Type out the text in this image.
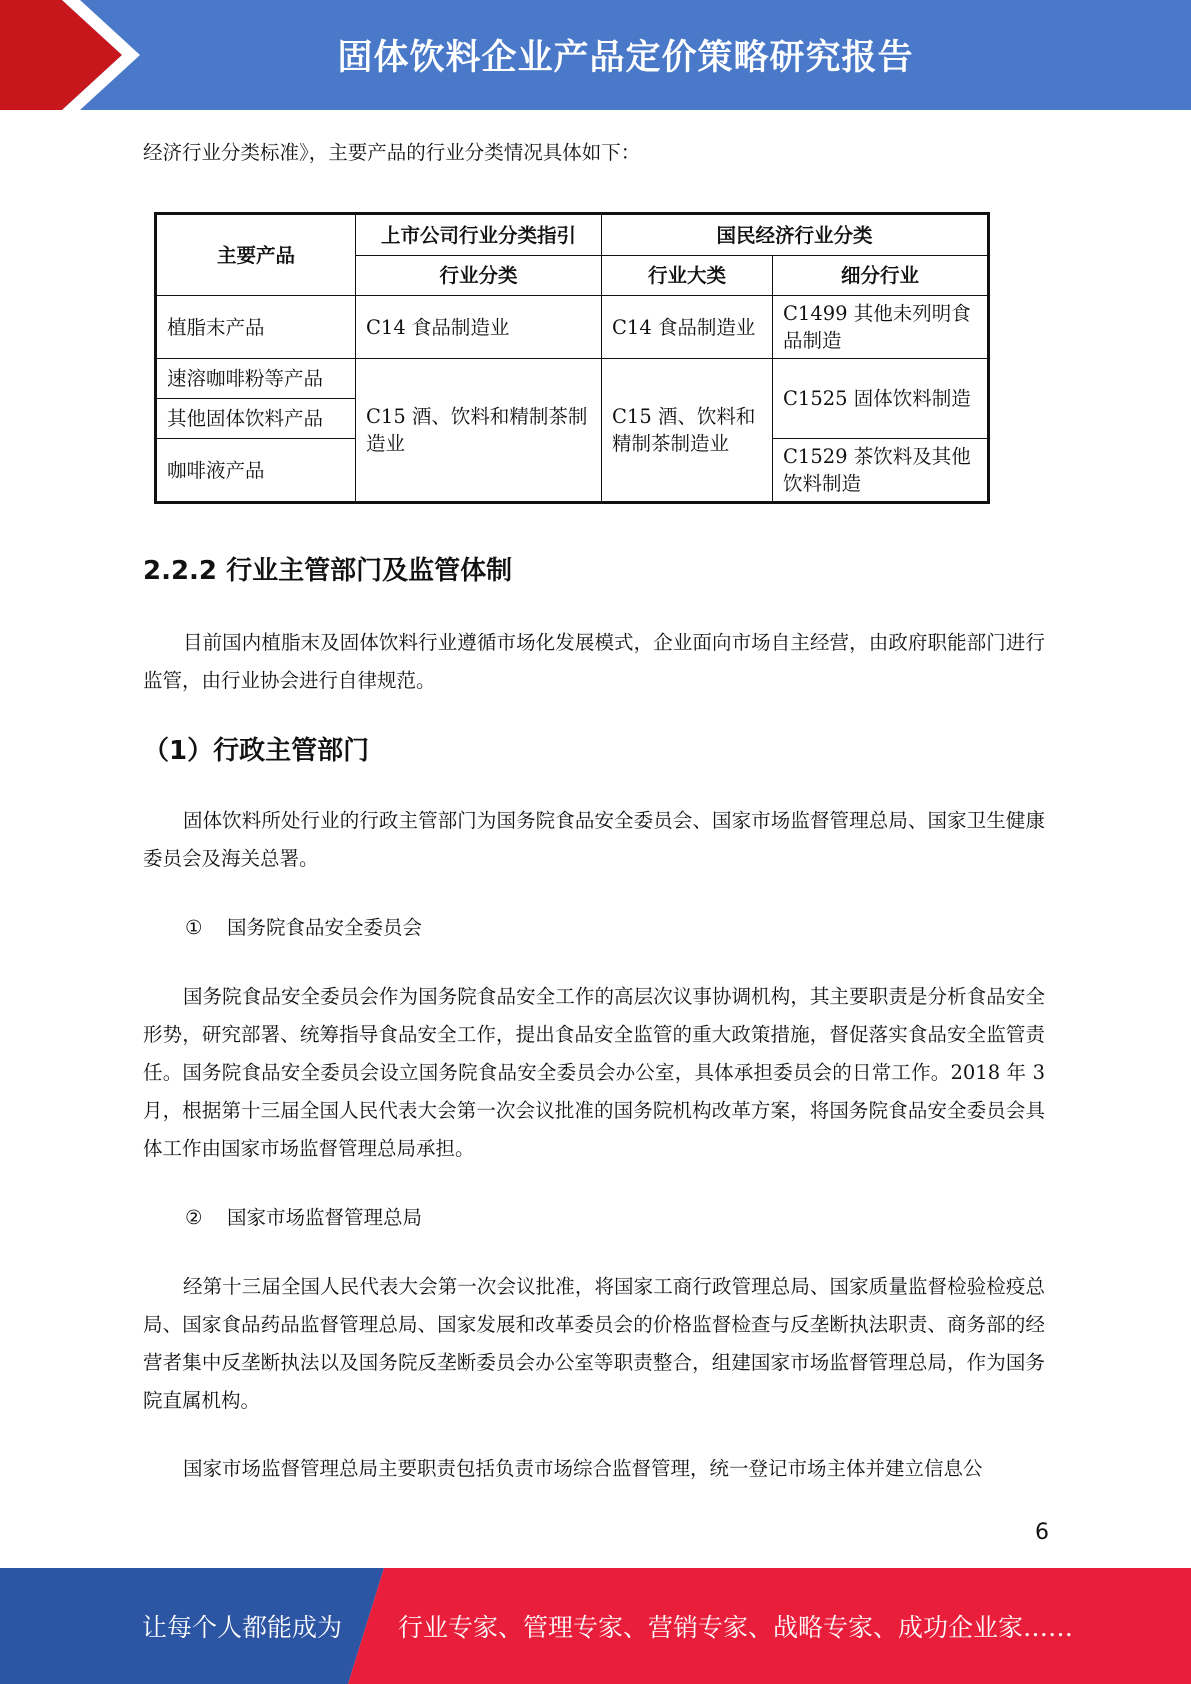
固体饮料企业产品定价策略研究报告
经济行业分类标准》，主要产品的行业分类情况具体如下：
主要产品	上市公司行业分类指引	国民经济行业分类	
	行业分类	行业大类	细分行业
植脂末产品	C14 食品制造业	C14 食品制造业	C1499 其他未列明食品制造
速溶咖啡粉等产品	C15 酒、饮料和精制茶制造业	C15 酒、饮料和精制茶制造业	C1525 固体饮料制造
其他固体饮料产品			
咖啡液产品			C1529 茶饮料及其他饮料制造
2.2.2 行业主管部门及监管体制
目前国内植脂末及固体饮料行业遵循市场化发展模式，企业面向市场自主经营，由政府职能部门进行监管，由行业协会进行自律规范。
（1）行政主管部门
固体饮料所处行业的行政主管部门为国务院食品安全委员会、国家市场监督管理总局、国家卫生健康委员会及海关总署。
① 国务院食品安全委员会
国务院食品安全委员会作为国务院食品安全工作的高层次议事协调机构，其主要职责是分析食品安全形势，研究部署、统筹指导食品安全工作，提出食品安全监管的重大政策措施，督促落实食品安全监管责任。国务院食品安全委员会设立国务院食品安全委员会办公室，具体承担委员会的日常工作。2018 年 3 月，根据第十三届全国人民代表大会第一次会议批准的国务院机构改革方案，将国务院食品安全委员会具体工作由国家市场监督管理总局承担。
② 国家市场监督管理总局
经第十三届全国人民代表大会第一次会议批准，将国家工商行政管理总局、国家质量监督检验检疫总局、国家食品药品监督管理总局、国家发展和改革委员会的价格监督检查与反垄断执法职责、商务部的经营者集中反垄断执法以及国务院反垄断委员会办公室等职责整合，组建国家市场监督管理总局，作为国务院直属机构。
国家市场监督管理总局主要职责包括负责市场综合监督管理，统一登记市场主体并建立信息公
6
让每个人都能成为 行业专家、管理专家、营销专家、战略专家、成功企业家……
